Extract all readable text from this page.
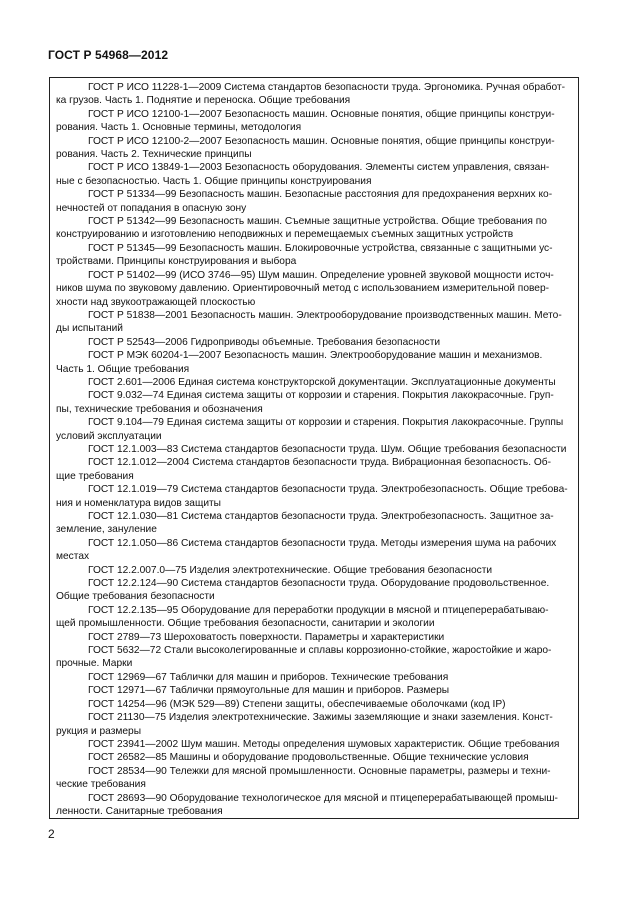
ГОСТ Р 54968—2012
ГОСТ Р ИСО 11228-1—2009 Система стандартов безопасности труда. Эргономика. Ручная обработ-
ка грузов. Часть 1. Поднятие и переноска. Общие требования
ГОСТ Р ИСО 12100-1—2007 Безопасность машин. Основные понятия, общие принципы конструи-
рования. Часть 1. Основные термины, методология
ГОСТ Р ИСО 12100-2—2007 Безопасность машин. Основные понятия, общие принципы конструи-
рования. Часть 2. Технические принципы
ГОСТ Р ИСО 13849-1—2003 Безопасность оборудования. Элементы систем управления, связан-
ные с безопасностью. Часть 1. Общие принципы конструирования
ГОСТ Р 51334—99 Безопасность машин. Безопасные расстояния для предохранения верхних ко-
нечностей от попадания в опасную зону
ГОСТ Р 51342—99 Безопасность машин. Съемные защитные устройства. Общие требования по
конструированию и изготовлению неподвижных и перемещаемых съемных защитных устройств
ГОСТ Р 51345—99 Безопасность машин. Блокировочные устройства, связанные с защитными ус-
тройствами. Принципы конструирования и выбора
ГОСТ Р 51402—99 (ИСО 3746—95) Шум машин. Определение уровней звуковой мощности источ-
ников шума по звуковому давлению. Ориентировочный метод с использованием измерительной повер-
хности над звукоотражающей плоскостью
ГОСТ Р 51838—2001 Безопасность машин. Электрооборудование производственных машин. Мето-
ды испытаний
ГОСТ Р 52543—2006 Гидроприводы объемные. Требования безопасности
ГОСТ Р МЭК 60204-1—2007 Безопасность машин. Электрооборудование машин и механизмов.
Часть 1. Общие требования
ГОСТ 2.601—2006 Единая система конструкторской документации. Эксплуатационные документы
ГОСТ 9.032—74 Единая система защиты от коррозии и старения. Покрытия лакокрасочные. Груп-
пы, технические требования и обозначения
ГОСТ 9.104—79 Единая система защиты от коррозии и старения. Покрытия лакокрасочные. Группы
условий эксплуатации
ГОСТ 12.1.003—83 Система стандартов безопасности труда. Шум. Общие требования безопасности
ГОСТ 12.1.012—2004 Система стандартов безопасности труда. Вибрационная безопасность. Об-
щие требования
ГОСТ 12.1.019—79 Система стандартов безопасности труда. Электробезопасность. Общие требова-
ния и номенклатура видов защиты
ГОСТ 12.1.030—81 Система стандартов безопасности труда. Электробезопасность. Защитное за-
земление, зануление
ГОСТ 12.1.050—86 Система стандартов безопасности труда. Методы измерения шума на рабочих
местах
ГОСТ 12.2.007.0—75 Изделия электротехнические. Общие требования безопасности
ГОСТ 12.2.124—90 Система стандартов безопасности труда. Оборудование продовольственное.
Общие требования безопасности
ГОСТ 12.2.135—95 Оборудование для переработки продукции в мясной и птицеперерабатываю-
щей промышленности. Общие требования безопасности, санитарии и экологии
ГОСТ 2789—73 Шероховатость поверхности. Параметры и характеристики
ГОСТ 5632—72 Стали высоколегированные и сплавы коррозионно-стойкие, жаростойкие и жаро-
прочные. Марки
ГОСТ 12969—67 Таблички для машин и приборов. Технические требования
ГОСТ 12971—67 Таблички прямоугольные для машин и приборов. Размеры
ГОСТ 14254—96 (МЭК 529—89) Степени защиты, обеспечиваемые оболочками (код IP)
ГОСТ 21130—75 Изделия электротехнические. Зажимы заземляющие и знаки заземления. Конст-
рукция и размеры
ГОСТ 23941—2002 Шум машин. Методы определения шумовых характеристик. Общие требования
ГОСТ 26582—85 Машины и оборудование продовольственные. Общие технические условия
ГОСТ 28534—90 Тележки для мясной промышленности. Основные параметры, размеры и техни-
ческие требования
ГОСТ 28693—90 Оборудование технологическое для мясной и птицеперерабатывающей промыш-
ленности. Санитарные требования
2
